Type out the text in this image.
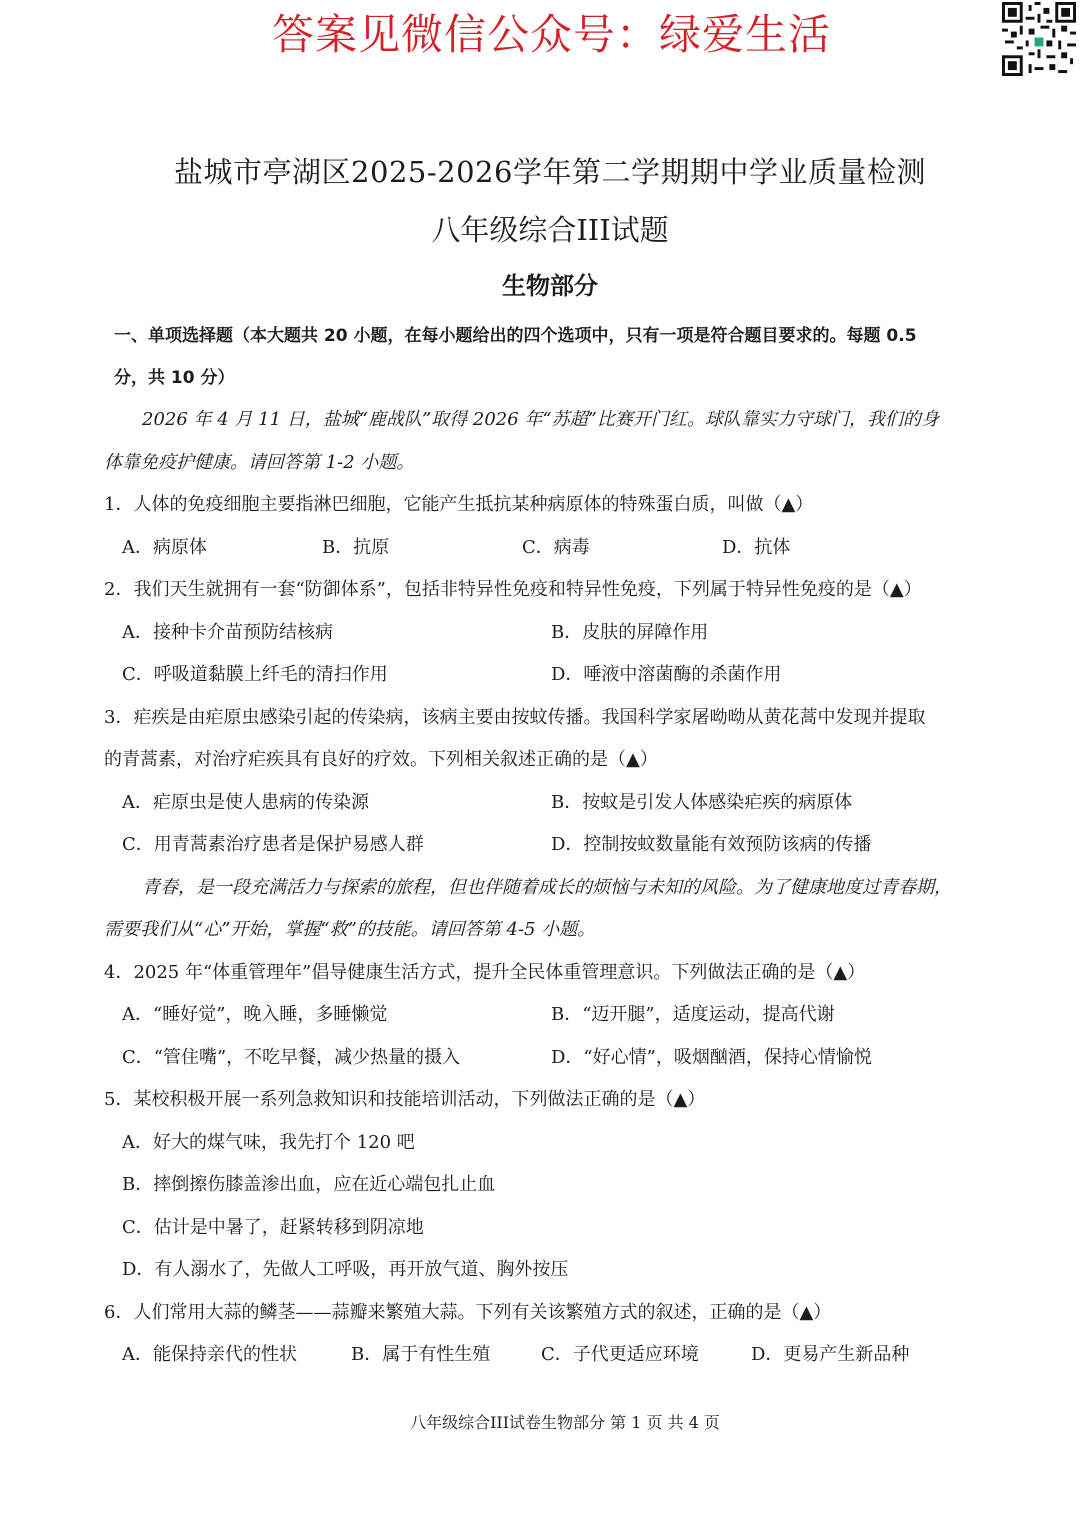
答案见微信公众号：绿爱生活
盐城市亭湖区2025-2026学年第二学期期中学业质量检测
八年级综合III试题
生物部分
一、单项选择题（本大题共 20 小题，在每小题给出的四个选项中，只有一项是符合题目要求的。每题 0.5
分，共 10 分）
2026 年 4 月 11 日，盐城“鹿战队”取得 2026 年“苏超”比赛开门红。球队靠实力守球门，我们的身
体靠免疫护健康。请回答第 1-2 小题。
1．人体的免疫细胞主要指淋巴细胞，它能产生抵抗某种病原体的特殊蛋白质，叫做（▲）
A．病原体	B．抗原	C．病毒	D．抗体
2．我们天生就拥有一套“防御体系”，包括非特异性免疫和特异性免疫，下列属于特异性免疫的是（▲）
A．接种卡介苗预防结核病	B．皮肤的屏障作用
C．呼吸道黏膜上纤毛的清扫作用	D．唾液中溶菌酶的杀菌作用
3．疟疾是由疟原虫感染引起的传染病，该病主要由按蚊传播。我国科学家屠呦呦从黄花蒿中发现并提取
的青蒿素，对治疗疟疾具有良好的疗效。下列相关叙述正确的是（▲）
A．疟原虫是使人患病的传染源	B．按蚊是引发人体感染疟疾的病原体
C．用青蒿素治疗患者是保护易感人群	D．控制按蚊数量能有效预防该病的传播
青春，是一段充满活力与探索的旅程，但也伴随着成长的烦恼与未知的风险。为了健康地度过青春期，
需要我们从“心”开始，掌握“救”的技能。请回答第 4-5 小题。
4．2025 年“体重管理年”倡导健康生活方式，提升全民体重管理意识。下列做法正确的是（▲）
A．“睡好觉”，晚入睡，多睡懒觉	B．“迈开腿”，适度运动，提高代谢
C．“管住嘴”，不吃早餐，减少热量的摄入	D．“好心情”，吸烟酗酒，保持心情愉悦
5．某校积极开展一系列急救知识和技能培训活动，下列做法正确的是（▲）
A．好大的煤气味，我先打个 120 吧
B．摔倒擦伤膝盖渗出血，应在近心端包扎止血
C．估计是中暑了，赶紧转移到阴凉地
D．有人溺水了，先做人工呼吸，再开放气道、胸外按压
6．人们常用大蒜的鳞茎——蒜瓣来繁殖大蒜。下列有关该繁殖方式的叙述，正确的是（▲）
A．能保持亲代的性状	B．属于有性生殖	C．子代更适应环境	D．更易产生新品种
八年级综合III试卷生物部分 第 1 页 共 4 页
